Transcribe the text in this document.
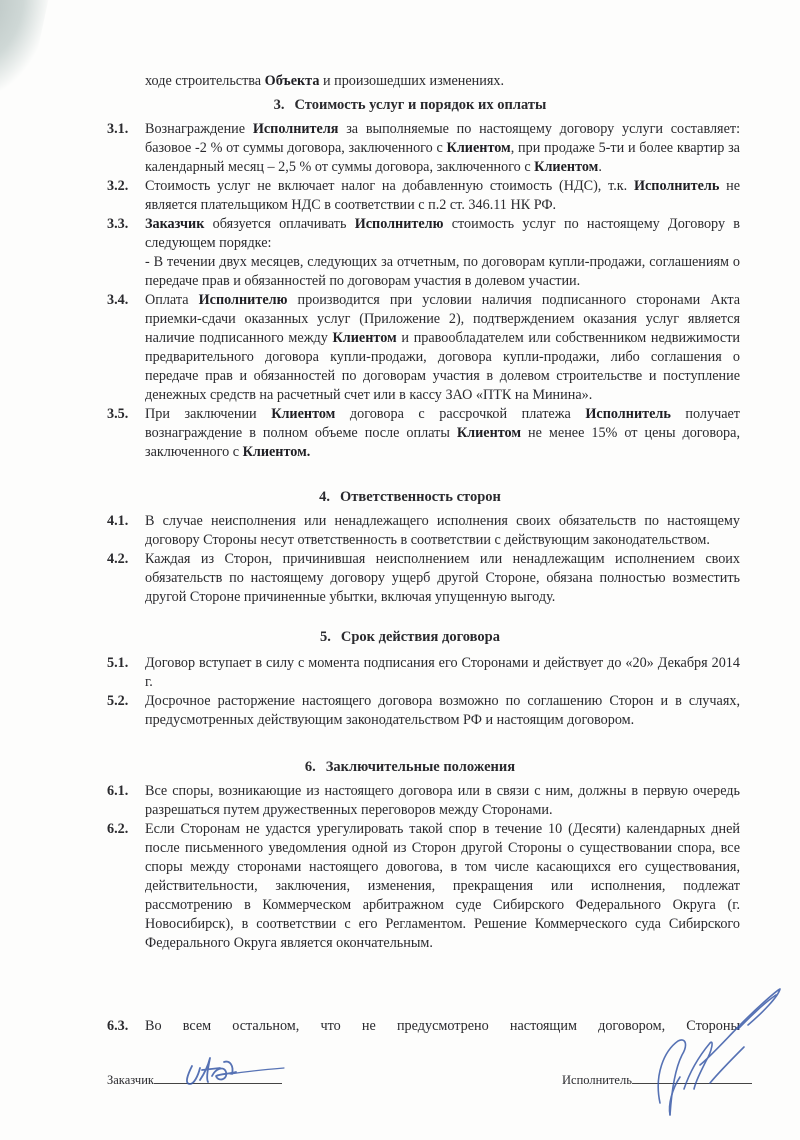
ходе строительства Объекта и произошедших изменениях.
3. Стоимость услуг и порядок их оплаты
3.1.	Вознаграждение Исполнителя за выполняемые по настоящему договору услуги составляет: базовое -2 % от суммы договора, заключенного с Клиентом, при продаже 5-ти и более квартир за календарный месяц – 2,5 % от суммы договора, заключенного с Клиентом.
3.2.	Стоимость услуг не включает налог на добавленную стоимость (НДС), т.к. Исполнитель не является плательщиком НДС в соответствии с п.2 ст. 346.11 НК РФ.
3.3.	Заказчик обязуется оплачивать Исполнителю стоимость услуг по настоящему Договору в следующем порядке:
- В течении двух месяцев, следующих за отчетным, по договорам купли-продажи, соглашениям о передаче прав и обязанностей по договорам участия в долевом участии.
3.4.	Оплата Исполнителю производится при условии наличия подписанного сторонами Акта приемки-сдачи оказанных услуг (Приложение 2), подтверждением оказания услуг является наличие подписанного между Клиентом и правообладателем или собственником недвижимости предварительного договора купли-продажи, договора купли-продажи, либо соглашения о передаче прав и обязанностей по договорам участия в долевом строительстве и поступление денежных средств на расчетный счет или в кассу ЗАО «ПТК на Минина».
3.5.	При заключении Клиентом договора с рассрочкой платежа Исполнитель получает вознаграждение в полном объеме после оплаты Клиентом не менее 15% от цены договора, заключенного с Клиентом.
4. Ответственность сторон
4.1.	В случае неисполнения или ненадлежащего исполнения своих обязательств по настоящему договору Стороны несут ответственность в соответствии с действующим законодательством.
4.2.	Каждая из Сторон, причинившая неисполнением или ненадлежащим исполнением своих обязательств по настоящему договору ущерб другой Стороне, обязана полностью возместить другой Стороне причиненные убытки, включая упущенную выгоду.
5. Срок действия договора
5.1.	Договор вступает в силу с момента подписания его Сторонами и действует до «20» Декабря 2014 г.
5.2.	Досрочное расторжение настоящего договора возможно по соглашению Сторон и в случаях, предусмотренных действующим законодательством РФ и настоящим договором.
6. Заключительные положения
6.1.	Все споры, возникающие из настоящего договора или в связи с ним, должны в первую очередь разрешаться путем дружественных переговоров между Сторонами.
6.2.	Если Сторонам не удастся урегулировать такой спор в течение 10 (Десяти) календарных дней после письменного уведомления одной из Сторон другой Стороны о существовании спора, все споры между сторонами настоящего довогова, в том числе касающихся его существования, действительности, заключения, изменения, прекращения или исполнения, подлежат рассмотрению в Коммерческом арбитражном суде Сибирского Федерального Округа (г. Новосибирск), в соответствии с его Регламентом. Решение Коммерческого суда Сибирского Федерального Округа является окончательным.
6.3.	Во всем остальном, что не предусмотрено настоящим договором, Стороны
Заказчик	Исполнитель
